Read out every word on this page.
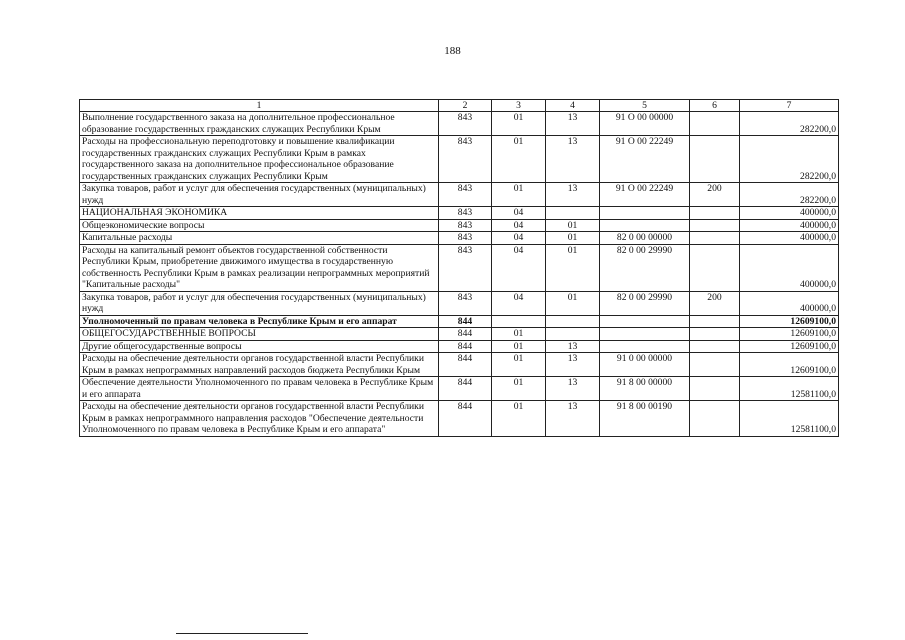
188
1	2	3	4	5	6	7
Выполнение государственного заказа на дополнительное профессиональное образование государственных гражданских служащих Республики Крым	843	01	13	91 О 00 00000		282200,0
Расходы на профессиональную переподготовку и повышение квалификации государственных гражданских служащих Республики Крым в рамках государственного заказа на дополнительное профессиональное образование государственных гражданских служащих Республики Крым	843	01	13	91 О 00 22249		282200,0
Закупка товаров, работ и услуг для обеспечения государственных (муниципальных) нужд	843	01	13	91 О 00 22249	200	282200,0
НАЦИОНАЛЬНАЯ ЭКОНОМИКА	843	04				400000,0
Общеэкономические вопросы	843	04	01			400000,0
Капитальные расходы	843	04	01	82 0 00 00000		400000,0
Расходы на капитальный ремонт объектов государственной собственности Республики Крым, приобретение движимого имущества в государственную собственность Республики Крым в рамках реализации непрограммных мероприятий "Капитальные расходы"	843	04	01	82 0 00 29990		400000,0
Закупка товаров, работ и услуг для обеспечения государственных (муниципальных) нужд	843	04	01	82 0 00 29990	200	400000,0
Уполномоченный по правам человека в Республике Крым и его аппарат	844					12609100,0
ОБЩЕГОСУДАРСТВЕННЫЕ ВОПРОСЫ	844	01				12609100,0
Другие общегосударственные вопросы	844	01	13			12609100,0
Расходы на обеспечение деятельности органов государственной власти Республики Крым в рамках непрограммных направлений расходов бюджета Республики Крым	844	01	13	91 0 00 00000		12609100,0
Обеспечение деятельности Уполномоченного по правам человека в Республике Крым и его аппарата	844	01	13	91 8 00 00000		12581100,0
Расходы на обеспечение деятельности органов государственной власти Республики Крым в рамках непрограммного направления расходов "Обеспечение деятельности Уполномоченного по правам человека в Республике Крым и его аппарата"	844	01	13	91 8 00 00190		12581100,0
